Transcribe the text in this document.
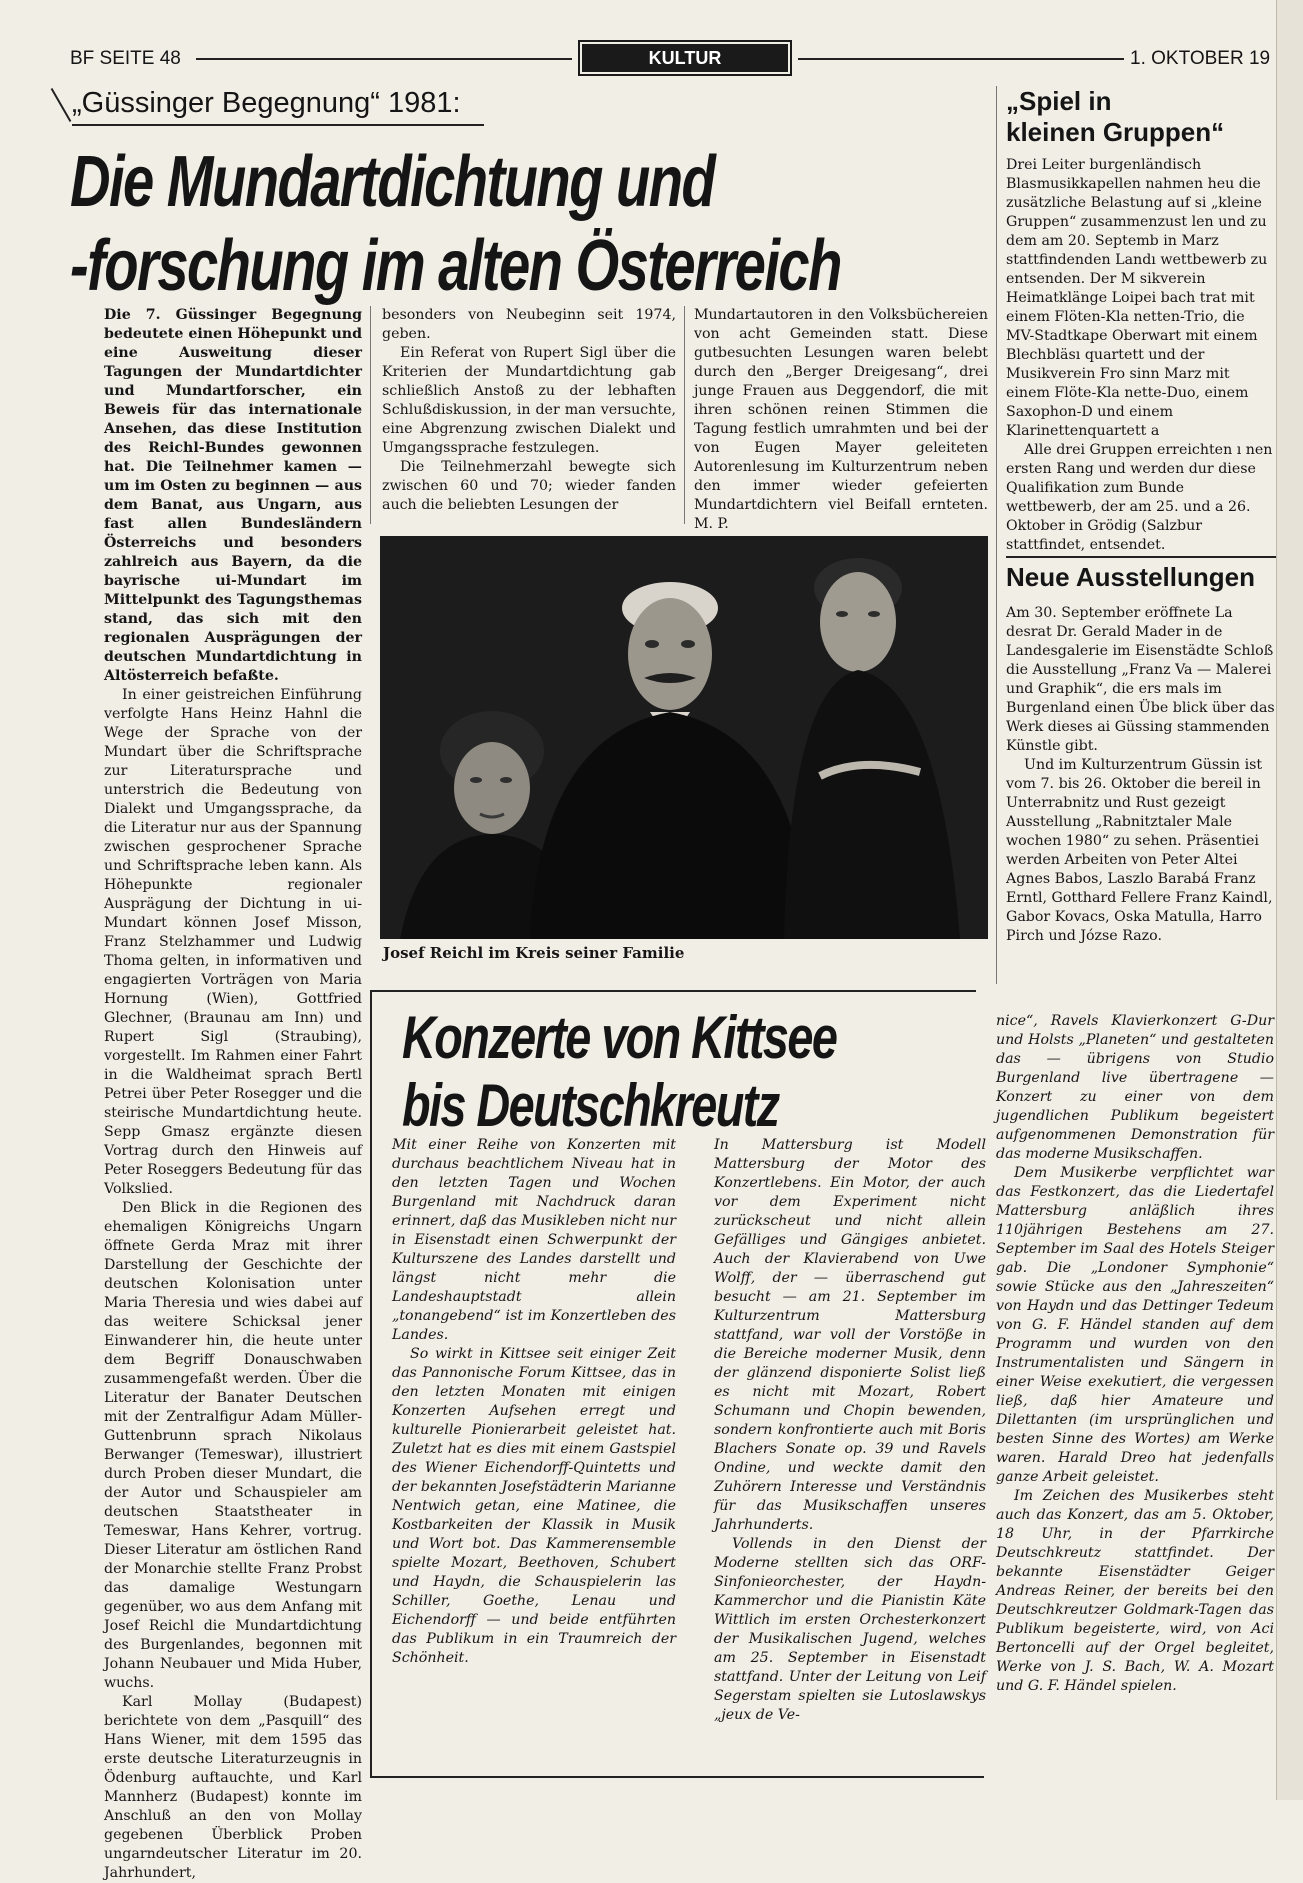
BF SEITE 48	KULTUR	1. OKTOBER 19
„Güssinger Begegnung“ 1981:
Die Mundartdichtung und
-forschung im alten Österreich

Die 7. Güssinger Begegnung bedeutete einen Höhepunkt und eine Ausweitung dieser Tagungen der Mundartdichter und Mundartforscher, ein Beweis für das internationale Ansehen, das diese Institution des Reichl-Bundes gewonnen hat. Die Teilnehmer kamen — um im Osten zu beginnen — aus dem Banat, aus Ungarn, aus fast allen Bundesländern Österreichs und besonders zahlreich aus Bayern, da die bayrische ui-Mundart im Mittelpunkt des Tagungsthemas stand, das sich mit den regionalen Ausprägungen der deutschen Mundartdichtung in Altösterreich befaßte.

In einer geistreichen Einführung verfolgte Hans Heinz Hahnl die Wege der Sprache von der Mundart über die Schriftsprache zur Literatursprache und unterstrich die Bedeutung von Dialekt und Umgangssprache, da die Literatur nur aus der Spannung zwischen gesprochener Sprache und Schriftsprache leben kann. Als Höhepunkte regionaler Ausprägung der Dichtung in ui-Mundart können Josef Misson, Franz Stelzhammer und Ludwig Thoma gelten, in informativen und engagierten Vorträgen von Maria Hornung (Wien), Gottfried Glechner, (Braunau am Inn) und Rupert Sigl (Straubing), vorgestellt. Im Rahmen einer Fahrt in die Waldheimat sprach Bertl Petrei über Peter Rosegger und die steirische Mundartdichtung heute. Sepp Gmasz ergänzte diesen Vortrag durch den Hinweis auf Peter Roseggers Bedeutung für das Volkslied.

Den Blick in die Regionen des ehemaligen Königreichs Ungarn öffnete Gerda Mraz mit ihrer Darstellung der Geschichte der deutschen Kolonisation unter Maria Theresia und wies dabei auf das weitere Schicksal jener Einwanderer hin, die heute unter dem Begriff Donauschwaben zusammengefaßt werden. Über die Literatur der Banater Deutschen mit der Zentralfigur Adam Müller-Guttenbrunn sprach Nikolaus Berwanger (Temeswar), illustriert durch Proben dieser Mundart, die der Autor und Schauspieler am deutschen Staatstheater in Temeswar, Hans Kehrer, vortrug. Dieser Literatur am östlichen Rand der Monarchie stellte Franz Probst das damalige Westungarn gegenüber, wo aus dem Anfang mit Josef Reichl die Mundartdichtung des Burgenlandes, begonnen mit Johann Neubauer und Mida Huber, wuchs.

Karl Mollay (Budapest) berichtete von dem „Pasquill“ des Hans Wiener, mit dem 1595 das erste deutsche Literaturzeugnis in Ödenburg auftauchte, und Karl Mannherz (Budapest) konnte im Anschluß an den von Mollay gegebenen Überblick Proben ungarndeutscher Literatur im 20. Jahrhundert,

besonders von Neubeginn seit 1974, geben.

Ein Referat von Rupert Sigl über die Kriterien der Mundartdichtung gab schließlich Anstoß zu der lebhaften Schlußdiskussion, in der man versuchte, eine Abgrenzung zwischen Dialekt und Umgangssprache festzulegen.

Die Teilnehmerzahl bewegte sich zwischen 60 und 70; wieder fanden auch die beliebten Lesungen der

Mundartautoren in den Volksbüchereien von acht Gemeinden statt. Diese gutbesuchten Lesungen waren belebt durch den „Berger Dreigesang“, drei junge Frauen aus Deggendorf, die mit ihren schönen reinen Stimmen die Tagung festlich umrahmten und bei der von Eugen Mayer geleiteten Autorenlesung im Kulturzentrum neben den immer wieder gefeierten Mundartdichtern viel Beifall ernteten. M. P.

Josef Reichl im Kreis seiner Familie
„Spiel in
kleinen Gruppen“

Drei Leiter burgenländisch Blasmusikkapellen nahmen heu die zusätzliche Belastung auf si „kleine Gruppen“ zusammenzust len und zu dem am 20. Septemb in Marz stattfindenden Landı wettbewerb zu entsenden. Der M sikverein Heimatklänge Loipei bach trat mit einem Flöten-Kla netten-Trio, die MV-Stadtkape Oberwart mit einem Blechbläsı quartett und der Musikverein Fro sinn Marz mit einem Flöte-Kla nette-Duo, einem Saxophon-D und einem Klarinettenquartett a

Alle drei Gruppen erreichten ı nen ersten Rang und werden dur diese Qualifikation zum Bunde wettbewerb, der am 25. und a 26. Oktober in Grödig (Salzbur stattfindet, entsendet.

Neue Ausstellungen

Am 30. September eröffnete La desrat Dr. Gerald Mader in de Landesgalerie im Eisenstädte Schloß die Ausstellung „Franz Va — Malerei und Graphik“, die ers mals im Burgenland einen Übe blick über das Werk dieses ai Güssing stammenden Künstle gibt.

Und im Kulturzentrum Güssin ist vom 7. bis 26. Oktober die bereil in Unterrabnitz und Rust gezeigt Ausstellung „Rabnitztaler Male wochen 1980“ zu sehen. Präsentiei werden Arbeiten von Peter Altei Agnes Babos, Laszlo Barabá Franz Erntl, Gotthard Fellere Franz Kaindl, Gabor Kovacs, Oska Matulla, Harro Pirch und Józse Razo.

Konzerte von Kittsee
bis Deutschkreutz

Mit einer Reihe von Konzerten mit durchaus beachtlichem Niveau hat in den letzten Tagen und Wochen Burgenland mit Nachdruck daran erinnert, daß das Musikleben nicht nur in Eisenstadt einen Schwerpunkt der Kulturszene des Landes darstellt und längst nicht mehr die Landeshauptstadt allein „tonangebend“ ist im Konzertleben des Landes.

So wirkt in Kittsee seit einiger Zeit das Pannonische Forum Kittsee, das in den letzten Monaten mit einigen Konzerten Aufsehen erregt und kulturelle Pionierarbeit geleistet hat. Zuletzt hat es dies mit einem Gastspiel des Wiener Eichendorff-Quintetts und der bekannten Josefstädterin Marianne Nentwich getan, eine Matinee, die Kostbarkeiten der Klassik in Musik und Wort bot. Das Kammerensemble spielte Mozart, Beethoven, Schubert und Haydn, die Schauspielerin las Schiller, Goethe, Lenau und Eichendorff — und beide entführten das Publikum in ein Traumreich der Schönheit.

In Mattersburg ist Modell Mattersburg der Motor des Konzertlebens. Ein Motor, der auch vor dem Experiment nicht zurückscheut und nicht allein Gefälliges und Gängiges anbietet. Auch der Klavierabend von Uwe Wolff, der — überraschend gut besucht — am 21. September im Kulturzentrum Mattersburg stattfand, war voll der Vorstöße in die Bereiche moderner Musik, denn der glänzend disponierte Solist ließ es nicht mit Mozart, Robert Schumann und Chopin bewenden, sondern konfrontierte auch mit Boris Blachers Sonate op. 39 und Ravels Ondine, und weckte damit den Zuhörern Interesse und Verständnis für das Musikschaffen unseres Jahrhunderts.

Vollends in den Dienst der Moderne stellten sich das ORF-Sinfonieorchester, der Haydn-Kammerchor und die Pianistin Käte Wittlich im ersten Orchesterkonzert der Musikalischen Jugend, welches am 25. September in Eisenstadt stattfand. Unter der Leitung von Leif Segerstam spielten sie Lutoslawskys „jeux de Ve-

nice“, Ravels Klavierkonzert G-Dur und Holsts „Planeten“ und gestalteten das — übrigens von Studio Burgenland live übertragene — Konzert zu einer von dem jugendlichen Publikum begeistert aufgenommenen Demonstration für das moderne Musikschaffen.

Dem Musikerbe verpflichtet war das Festkonzert, das die Liedertafel Mattersburg anläßlich ihres 110jährigen Bestehens am 27. September im Saal des Hotels Steiger gab. Die „Londoner Symphonie“ sowie Stücke aus den „Jahreszeiten“ von Haydn und das Dettinger Tedeum von G. F. Händel standen auf dem Programm und wurden von den Instrumentalisten und Sängern in einer Weise exekutiert, die vergessen ließ, daß hier Amateure und Dilettanten (im ursprünglichen und besten Sinne des Wortes) am Werke waren. Harald Dreo hat jedenfalls ganze Arbeit geleistet.

Im Zeichen des Musikerbes steht auch das Konzert, das am 5. Oktober, 18 Uhr, in der Pfarrkirche Deutschkreutz stattfindet. Der bekannte Eisenstädter Geiger Andreas Reiner, der bereits bei den Deutschkreutzer Goldmark-Tagen das Publikum begeisterte, wird, von Aci Bertoncelli auf der Orgel begleitet, Werke von J. S. Bach, W. A. Mozart und G. F. Händel spielen.
